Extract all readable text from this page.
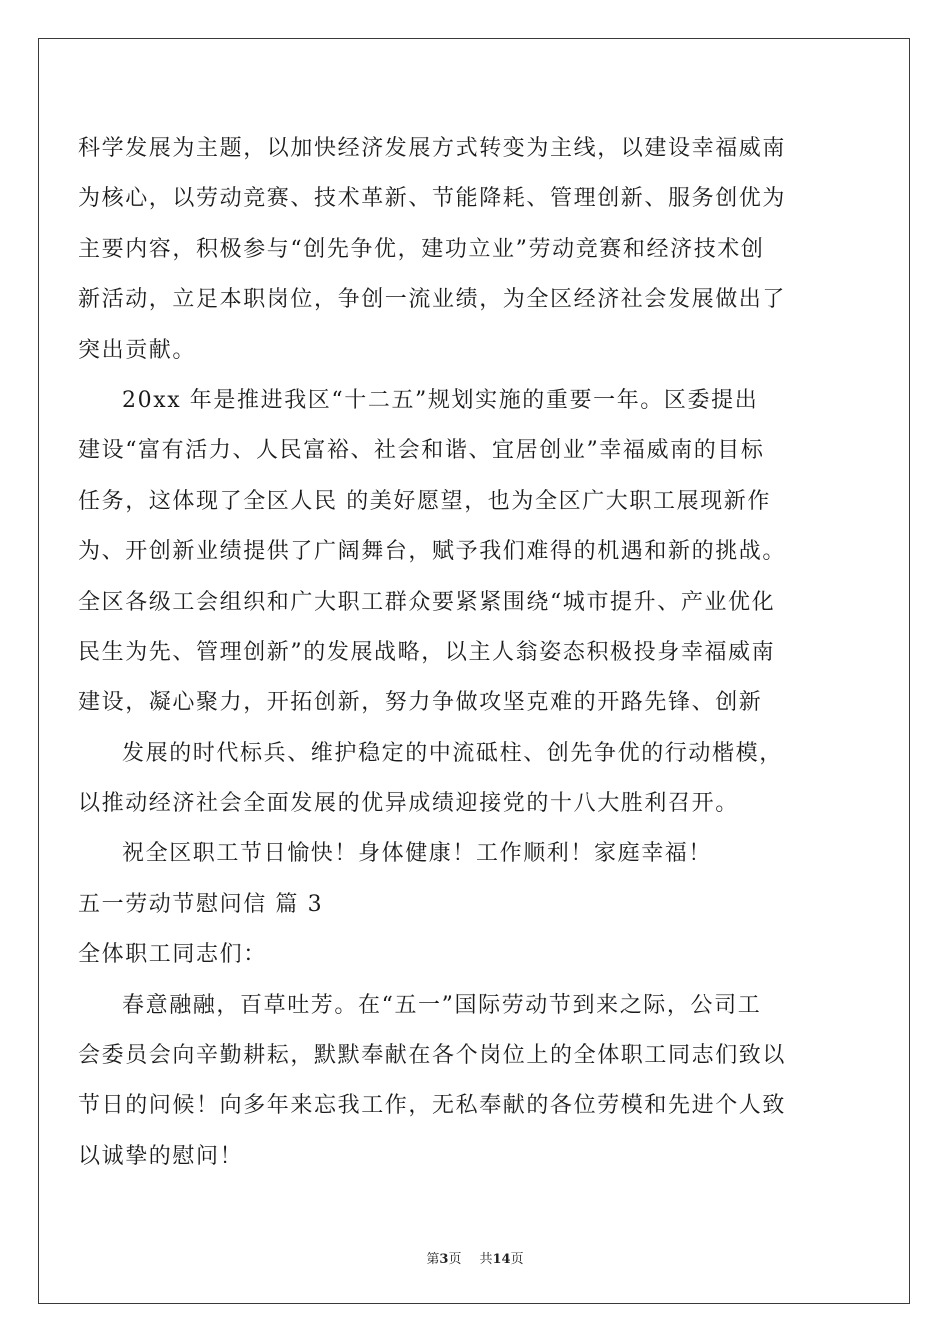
科学发展为主题，以加快经济发展方式转变为主线，以建设幸福威南
为核心，以劳动竞赛、技术革新、节能降耗、管理创新、服务创优为
主要内容，积极参与“创先争优，建功立业”劳动竞赛和经济技术创
新活动，立足本职岗位，争创一流业绩，为全区经济社会发展做出了
突出贡献。
20xx 年是推进我区“十二五”规划实施的重要一年。区委提出
建设“富有活力、人民富裕、社会和谐、宜居创业”幸福威南的目标
任务，这体现了全区人民 的美好愿望，也为全区广大职工展现新作
为、开创新业绩提供了广阔舞台，赋予我们难得的机遇和新的挑战。
全区各级工会组织和广大职工群众要紧紧围绕“城市提升、产业优化
民生为先、管理创新”的发展战略，以主人翁姿态积极投身幸福威南
建设，凝心聚力，开拓创新，努力争做攻坚克难的开路先锋、创新
发展的时代标兵、维护稳定的中流砥柱、创先争优的行动楷模，
以推动经济社会全面发展的优异成绩迎接党的十八大胜利召开。
祝全区职工节日愉快！身体健康！工作顺利！家庭幸福！
五一劳动节慰问信 篇 3
全体职工同志们：
春意融融，百草吐芳。在“五一”国际劳动节到来之际，公司工
会委员会向辛勤耕耘，默默奉献在各个岗位上的全体职工同志们致以
节日的问候！向多年来忘我工作，无私奉献的各位劳模和先进个人致
以诚挚的慰问！
第3页 共14页
